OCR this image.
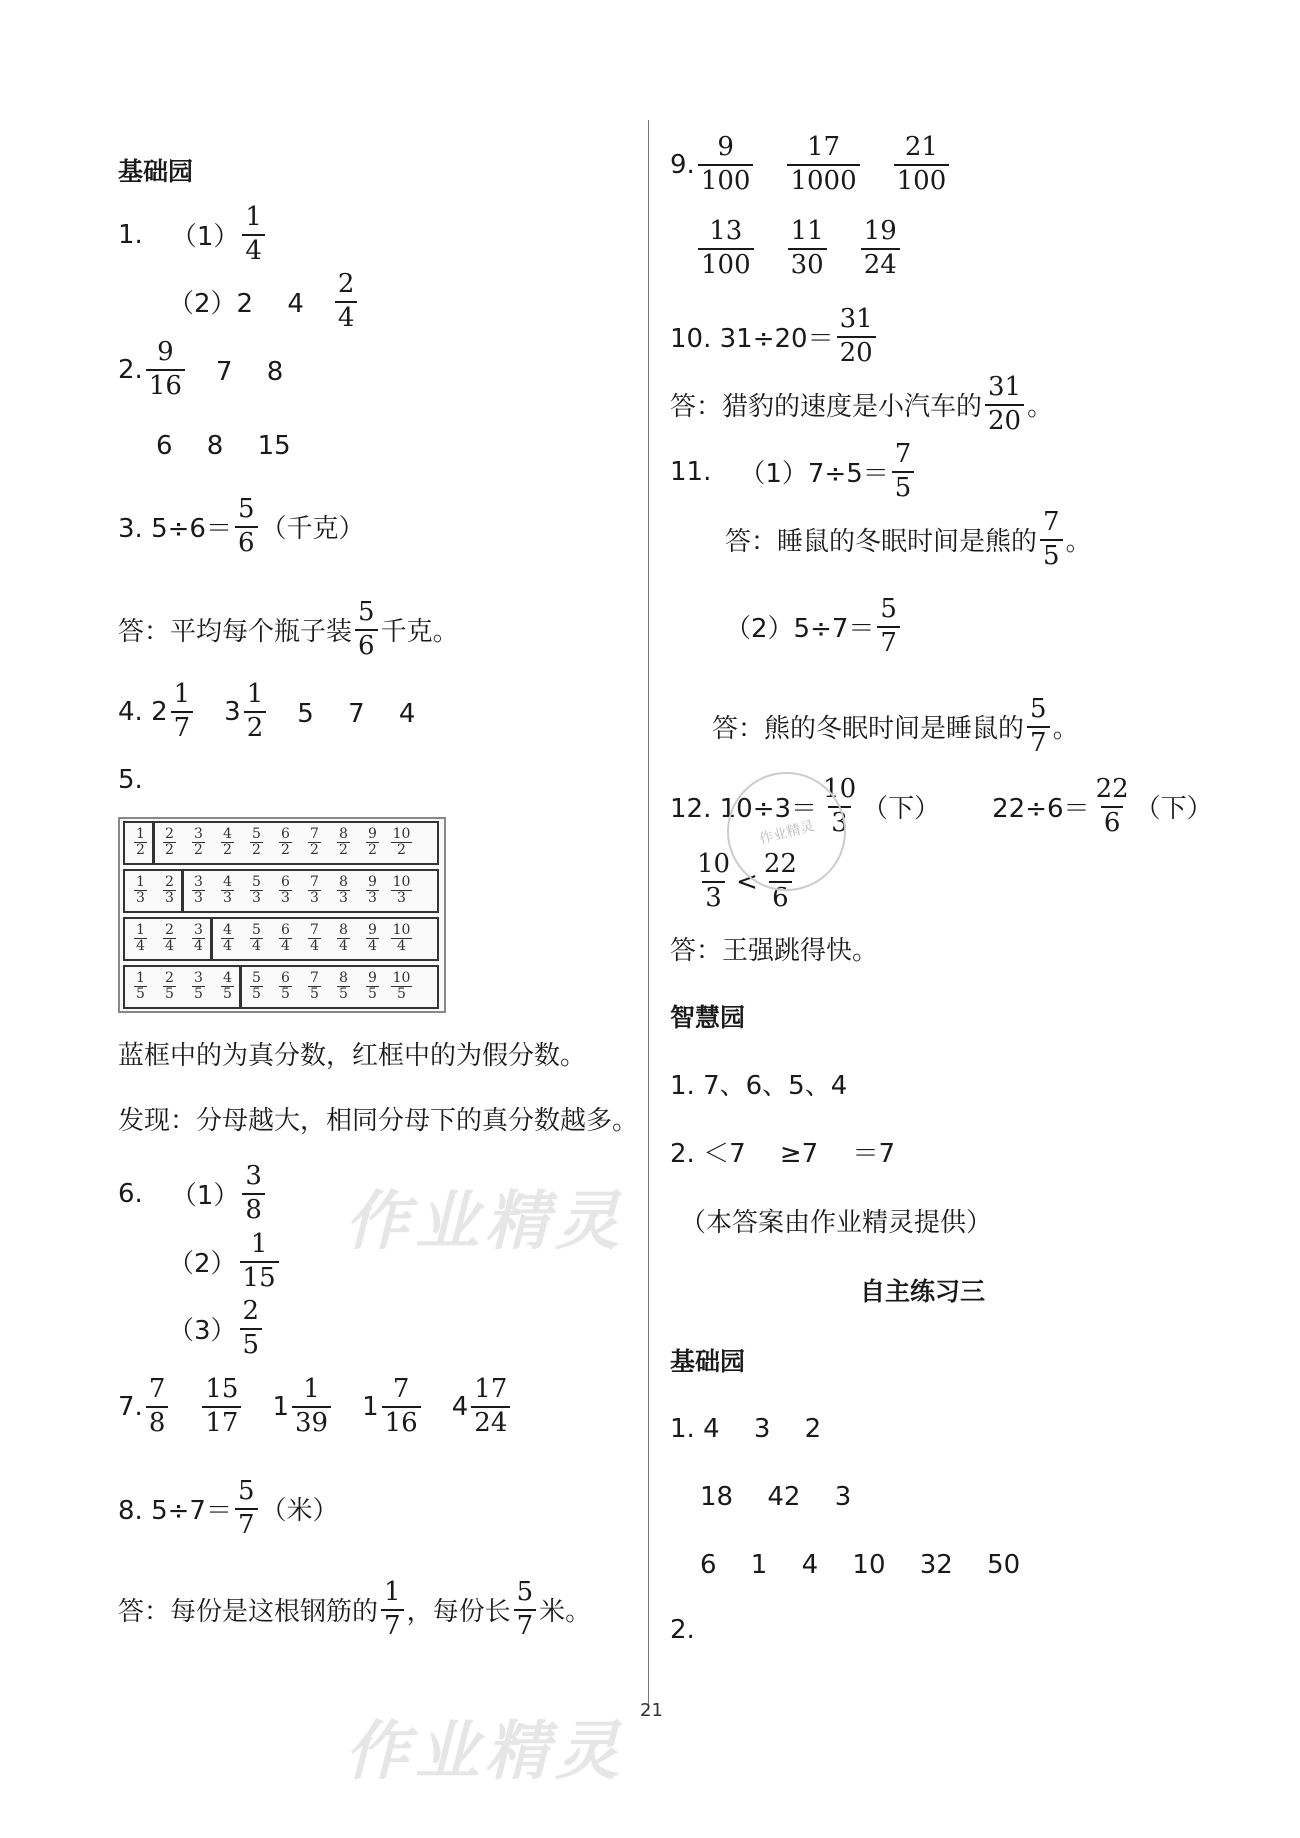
基础园
1. $(1) \frac{1}{4}$
（2） 2　 $4 \frac{2}{4}$
2. $\frac{9}{16} 7$　 8
6　 8　 15
3. $5\div 6= \frac{5}{6}$ （千克）
答：平均每个瓶子装 $\frac{5}{6}$ 千克。
4. $2 \frac{1}{7} 3 \frac{1}{2} 5$　 7　 4
5.
1
2
2
2
3
2
4
2
5
2
6
2
7
2
8
2
9
2
10
2
1
3
2
3
3
3
4
3
5
3
6
3
7
3
8
3
9
3
10
3
1
4
2
4
3
4
4
4
5
4
6
4
7
4
8
4
9
4
10
4
1
5
2
5
3
5
4
5
5
5
6
5
7
5
8
5
9
5
10
5
蓝框中的为真分数，红框中的为假分数。
发现：分母越大，相同分母下的真分数越多。
6. $(1) \frac{3}{8}$
$(2) \frac{1}{15}$
$(3) \frac{2}{5}$
7. $\frac{7}{8} \frac{15}{17} 1 \frac{1}{39} 1 \frac{7}{16} 4 \frac{17}{24}$
8. $5\div 7= \frac{5}{7}$ （米）
答：每份是这根钢筋的 $\frac{1}{7}$ ，每份长 $\frac{5}{7}$ 米。
9. $\frac{9}{100} \frac{17}{1000} \frac{21}{100}$
$\frac{13}{100} \frac{11}{30} \frac{19}{24}$
10. $31\div 20= \frac{31}{20}$
答：猎豹的速度是小汽车的 $\frac{31}{20}$ 。
11. $(1)7\div 5= \frac{7}{5}$
答：睡鼠的冬眠时间是熊的 $\frac{7}{5}$ 。
$(2)5\div 7= \frac{5}{7}$
答：熊的冬眠时间是睡鼠的 $\frac{5}{7}$ 。
12. $10\div 3= \frac{10}{3}$ （下） $22\div 6= \frac{22}{6}$ （下）
$\frac{10}{3} < \frac{22}{6}$
答：王强跳得快。
智慧园
1. 7、6、5、4
2. ＜7　 ≥7　 ＝7
（本答案由作业精灵提供）
自主练习三
基础园
1. 4　 3　 2
18　 42　 3
6　 1　 4　 10　 32　 50
2.
作业精灵
作业精灵
作业精灵
21
